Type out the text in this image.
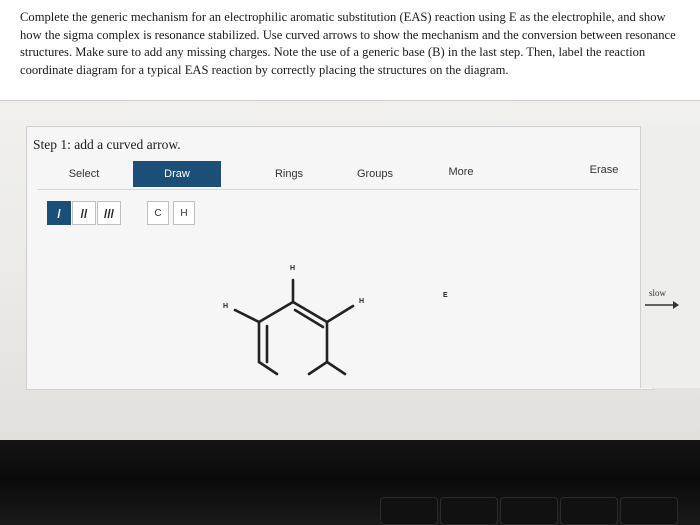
Complete the generic mechanism for an electrophilic aromatic substitution (EAS) reaction using E as the electrophile, and show how the sigma complex is resonance stabilized. Use curved arrows to show the mechanism and the conversion between resonance structures. Make sure to add any missing charges. Note the use of a generic base (B) in the last step. Then, label the reaction coordinate diagram for a typical EAS reaction by correctly placing the structures on the diagram.

Step 1: add a curved arrow.
Select	Draw	Rings	Groups	More	Erase
/	//	///	C	H
H
H
H
E	slow
